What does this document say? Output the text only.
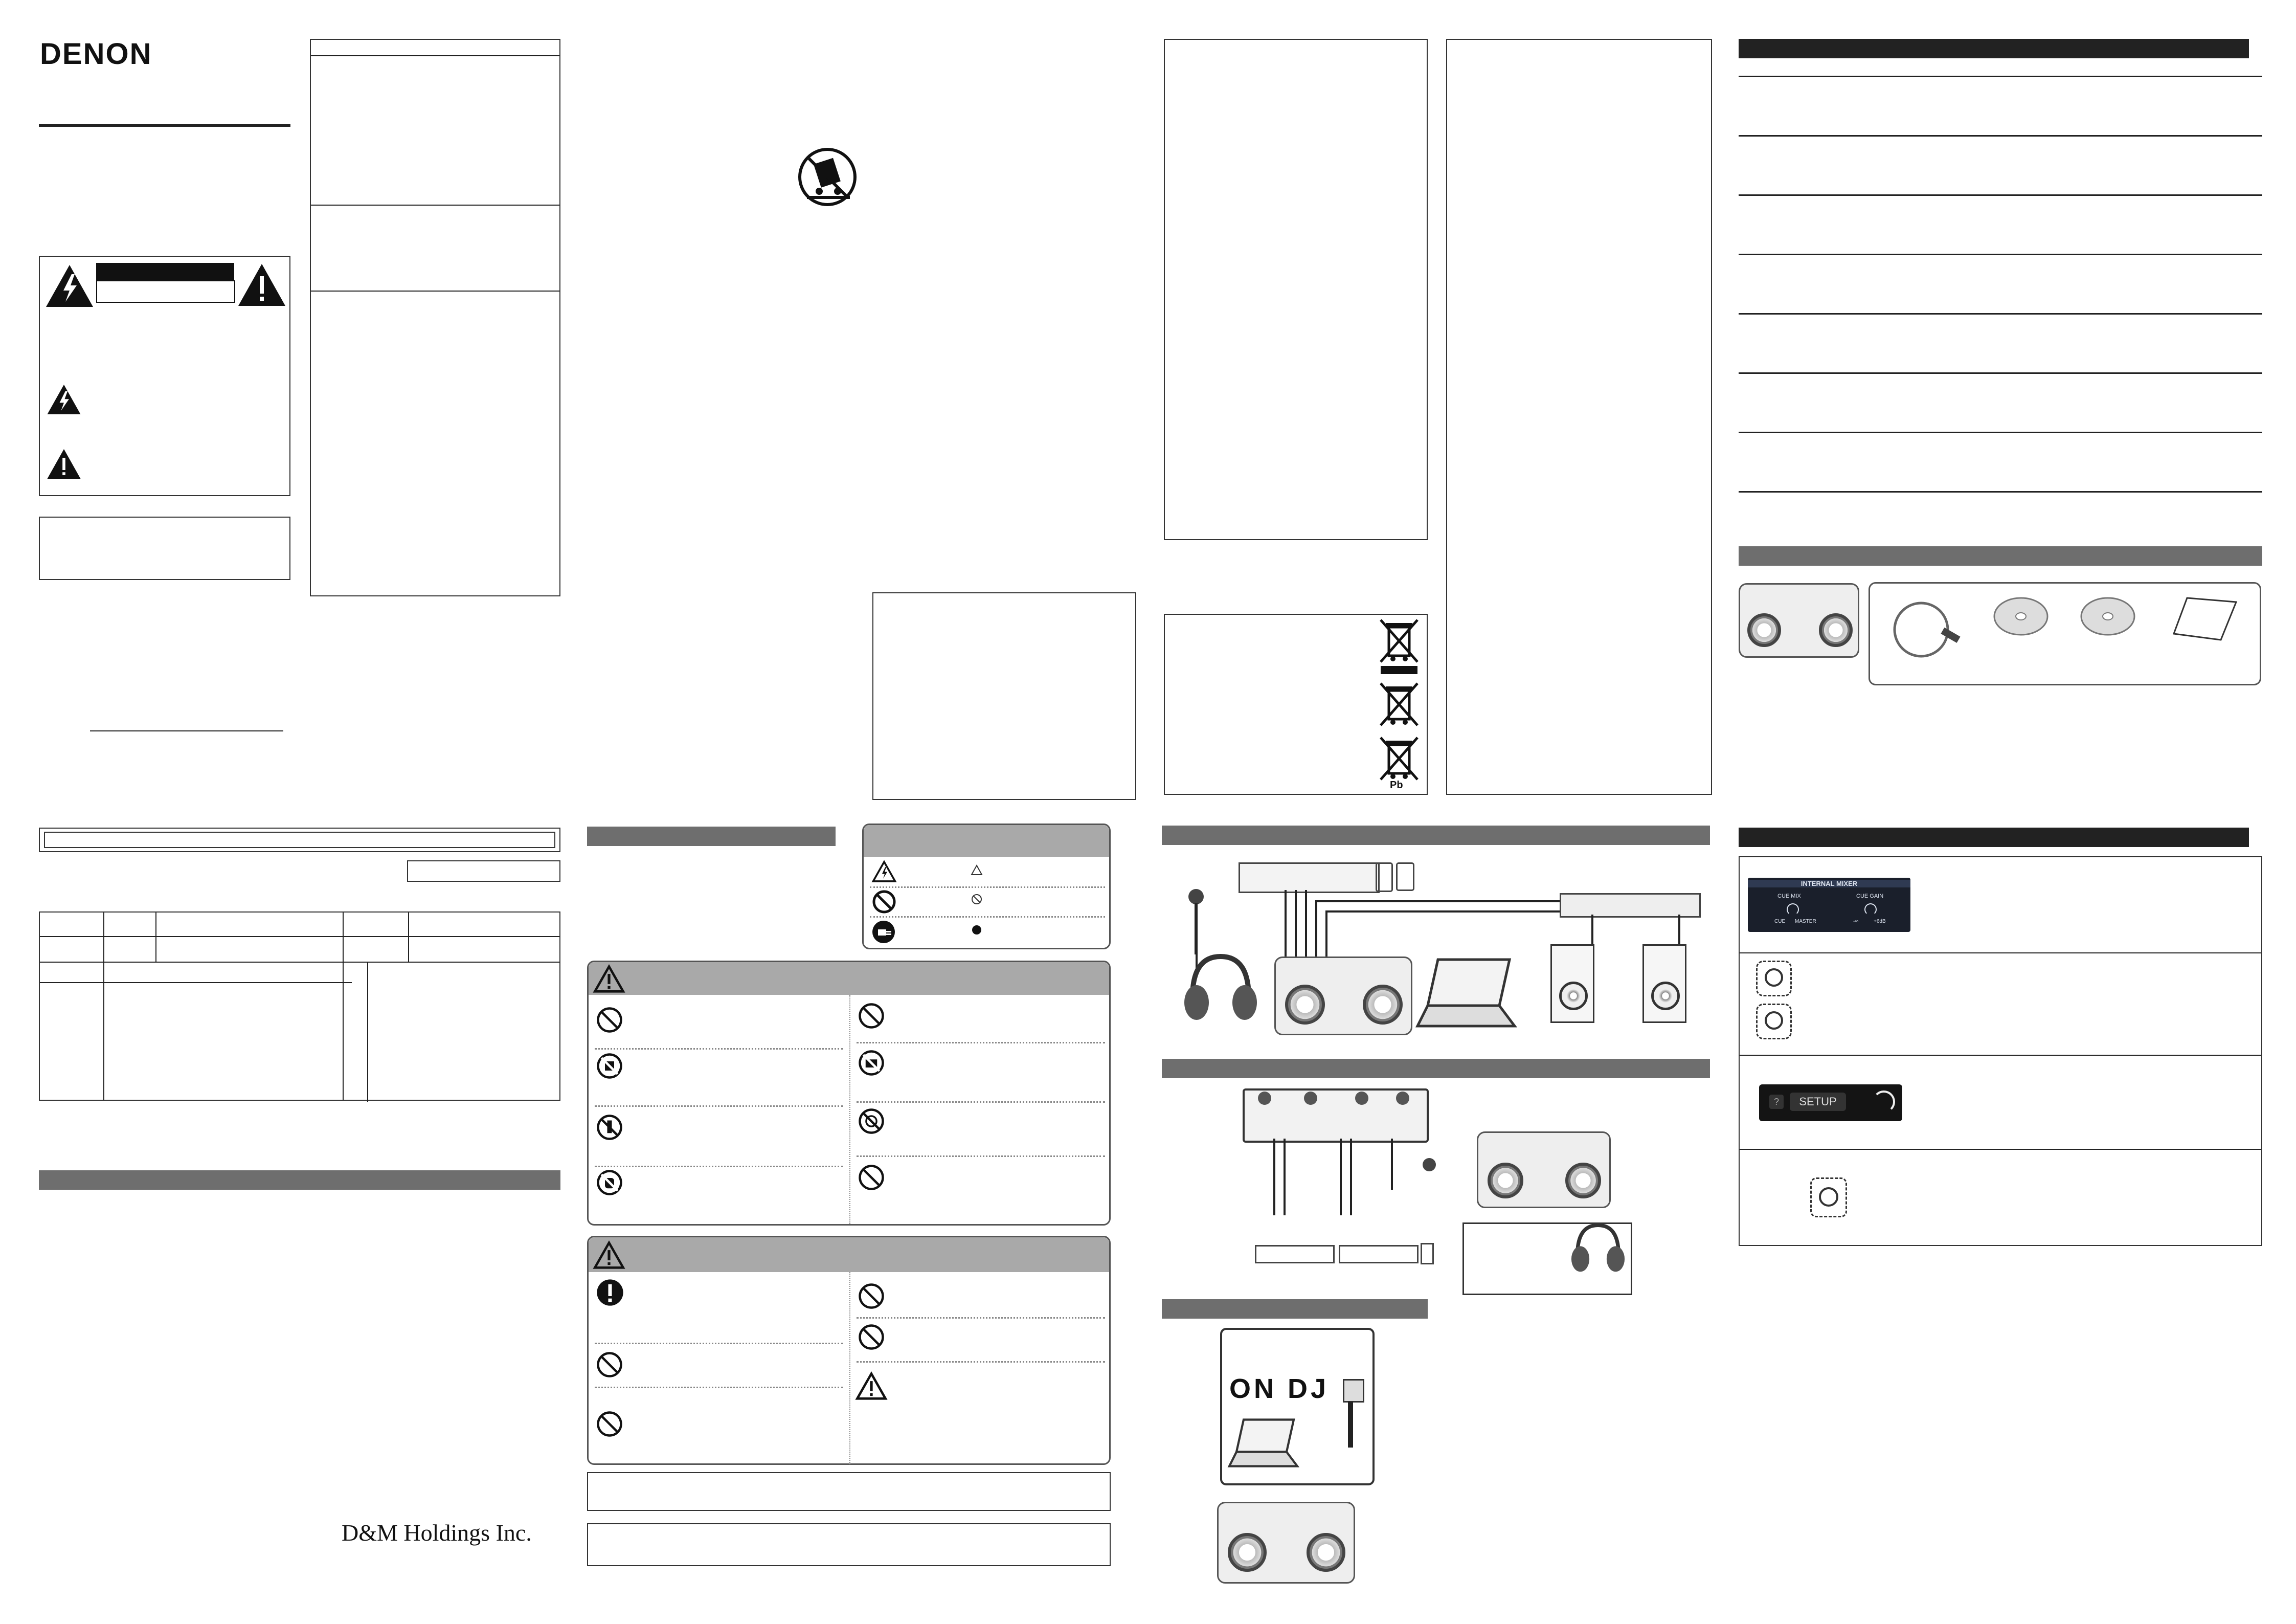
DENON
Pb
D&M Holdings Inc.
ON DJ
INTERNAL MIXER
CUE MIX	CUE GAIN
CUE MASTER	-∞	+6dB
?	SETUP
